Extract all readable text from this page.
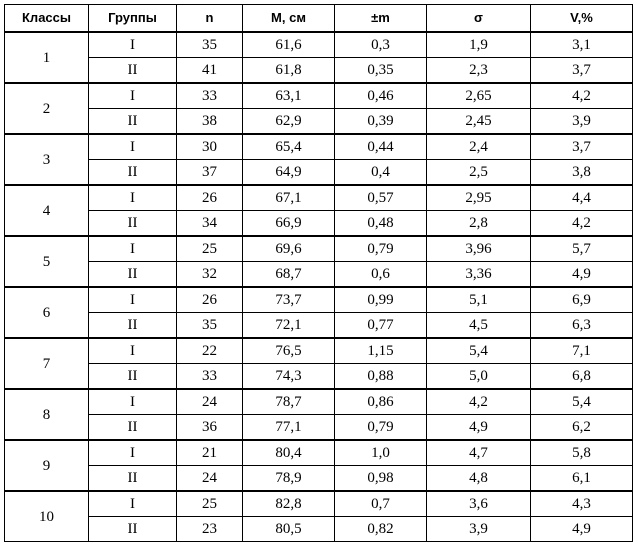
Классы	Группы	n	M, см	±m	σ	V,%
1	I	35	61,6	0,3	1,9	3,1
	II	41	61,8	0,35	2,3	3,7
2	I	33	63,1	0,46	2,65	4,2
	II	38	62,9	0,39	2,45	3,9
3	I	30	65,4	0,44	2,4	3,7
	II	37	64,9	0,4	2,5	3,8
4	I	26	67,1	0,57	2,95	4,4
	II	34	66,9	0,48	2,8	4,2
5	I	25	69,6	0,79	3,96	5,7
	II	32	68,7	0,6	3,36	4,9
6	I	26	73,7	0,99	5,1	6,9
	II	35	72,1	0,77	4,5	6,3
7	I	22	76,5	1,15	5,4	7,1
	II	33	74,3	0,88	5,0	6,8
8	I	24	78,7	0,86	4,2	5,4
	II	36	77,1	0,79	4,9	6,2
9	I	21	80,4	1,0	4,7	5,8
	II	24	78,9	0,98	4,8	6,1
10	I	25	82,8	0,7	3,6	4,3
	II	23	80,5	0,82	3,9	4,9
